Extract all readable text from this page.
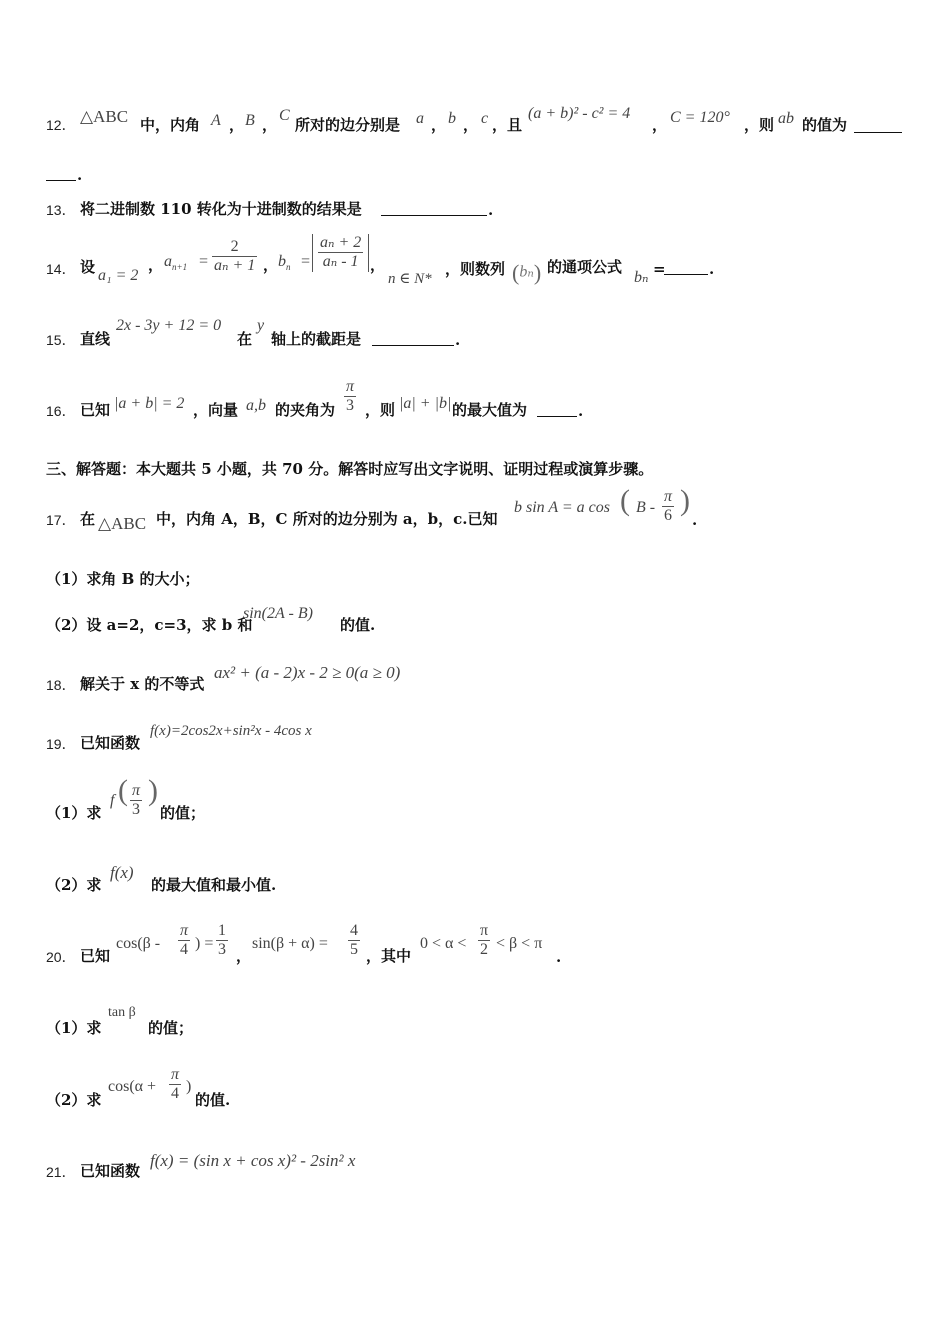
12． △ABC 中，内角 A ， B ，
C
所对的边分别是 a ， b ， c ，且
(a + b)² - c² = 4
， C = 120° ，则 ab 的值为
.
13． 将二进制数 110 转化为十进制数的结果是	.
14． 设 a₁ = 2
， $a_{n+1} = \frac{2}{\text{aₙ + 1}}$ ， $b_n = \frac{\text{aₙ + 2}}{\text{aₙ - 1}}$ ，
n ∈ N*
，则数列 (bₙ) 的通项公式
bₙ =	.
15． 直线
2x - 3y + 12 = 0
在
y
轴上的截距是	.
16． 已知 |a + b| = 2 ，向量 a,b 的夹角为 $\frac{\pi}{3}$ ，则 |a| + |b| 的最大值为	.
三、解答题：本大题共 5 小题，共 70 分。解答时应写出文字说明、证明过程或演算步骤。
17． 在 △ABC 中，内角 A，B，C 所对的边分别为 a，b，c.已知
b sin A = a cos ( B - $\frac{\pi}{6}$ )
.
（1）求角 B 的大小；
（2）设 a=2，c=3，求 b 和
sin(2A - B)
的值.
18． 解关于 x 的不等式
ax² + (a - 2)x - 2 ≥ 0(a ≥ 0)
19． 已知函数
f(x)=2cos2x+sin²x - 4cos x
（1）求
f ( $\frac{\pi}{3}$ )
的值；
（2）求
f(x)
的最大值和最小值.
20． 已知
$\cos(\beta - \frac{\pi}{4}$ ) = $\frac{1}{3}$ ，
$\sin(\beta + \alpha) = \frac{4}{5}$ ，其中
$0 < \alpha < \frac{\pi}{2} < \beta < \pi$
.
（1）求
tan β
的值；
（2）求
$\cos(\alpha + \frac{\pi}{4}$ )
的值.
21． 已知函数
f(x) = (sin x + cos x)² - 2sin² x
